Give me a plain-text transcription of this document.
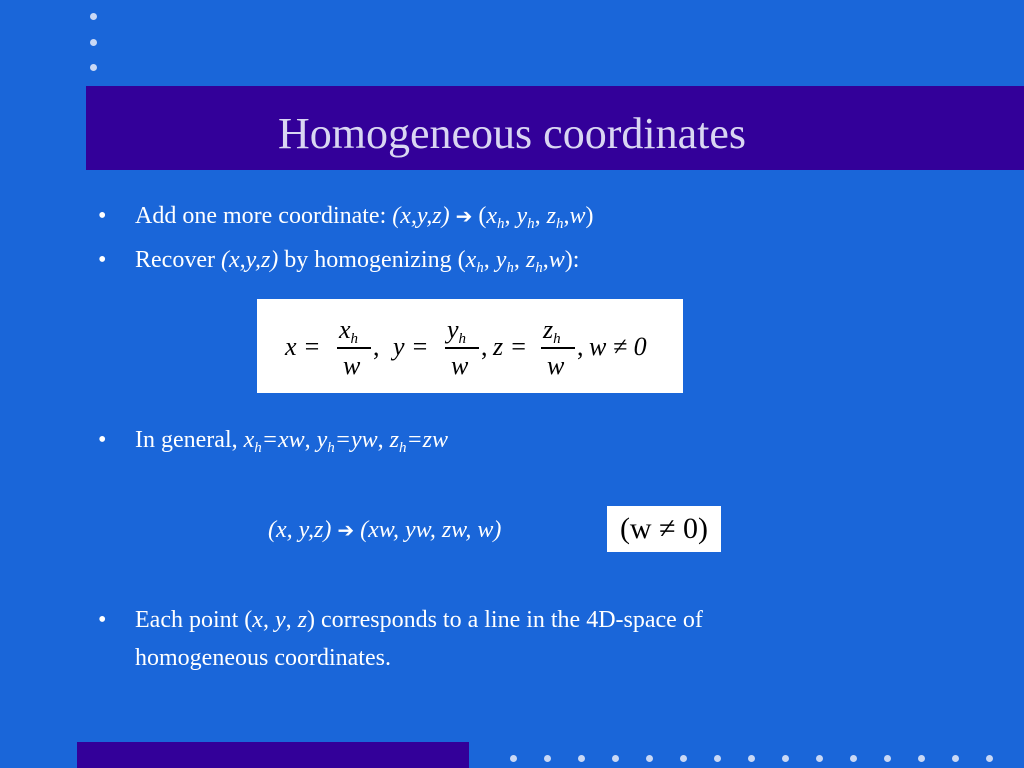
Homogeneous coordinates
• Add one more coordinate: (x,y,z) ➔ ($x_h$, $y_h$, $z_h,w$)
• Recover (x,y,z) by homogenizing ($x_h$, $y_h$, $z_h,w$):
x =
$x_h$
w
, y =
$y_h$
w
, z =
$z_h$
w
, w ≠ 0
• In general, $x_h=xw$, $y_h=yw$, $z_h=zw$
(x, y,z) ➔ (xw, yw, zw, w)	(w ≠ 0)
• Each point (x, y, z) corresponds to a line in the 4D-space of
homogeneous coordinates.
